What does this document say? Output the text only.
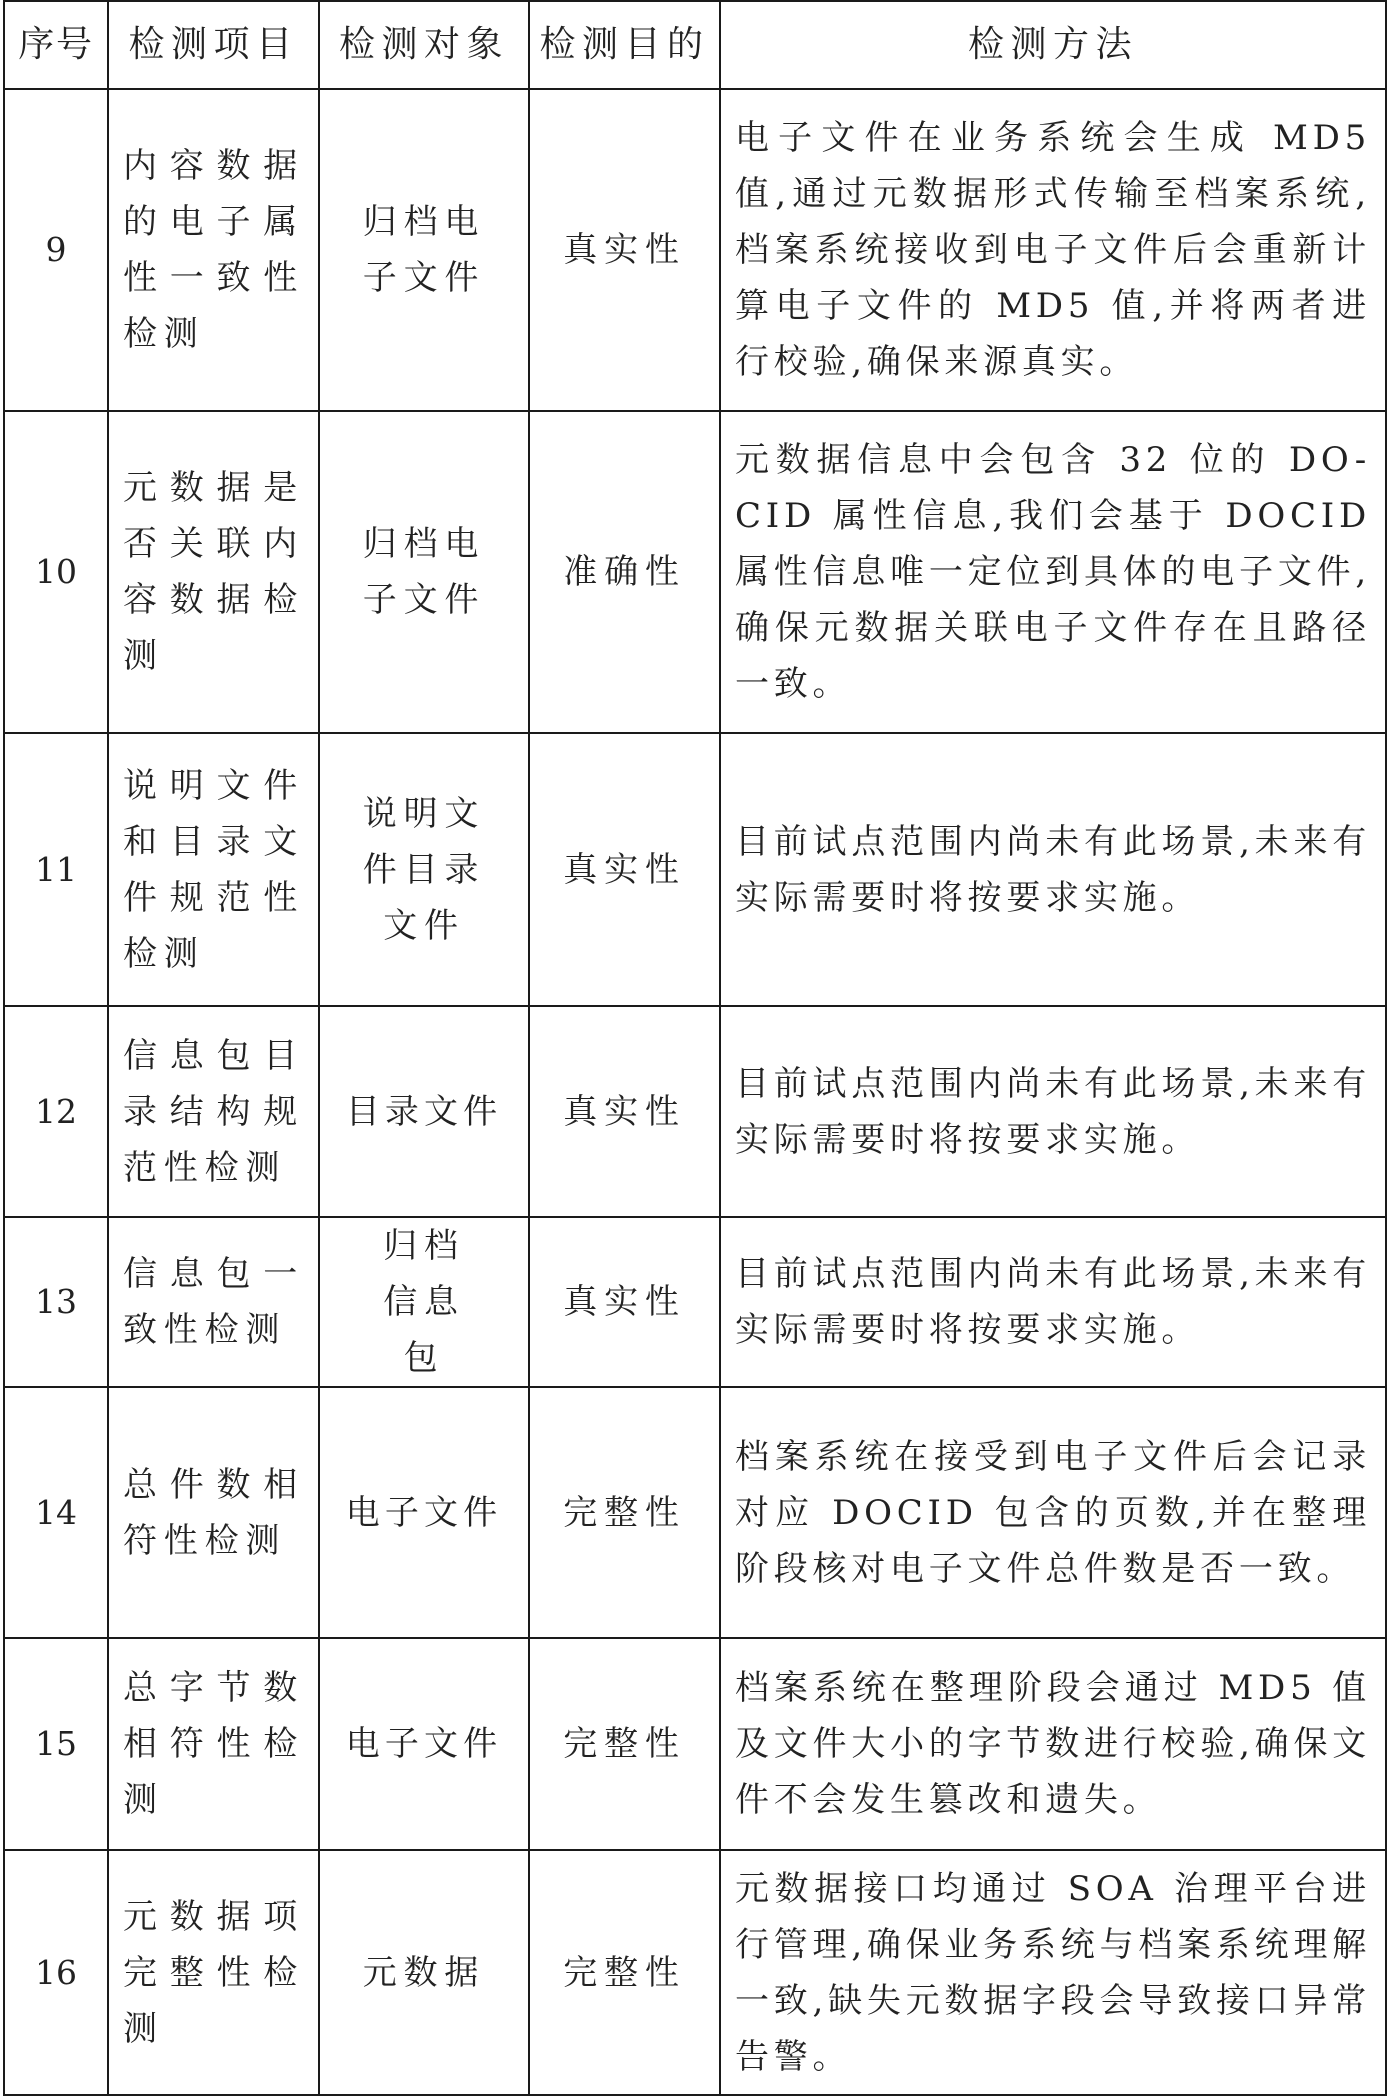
序号	检测项目	检测对象	检测目的	检测方法
9	内容数据的电子属性一致性检测	归档电子文件	真实性	电子文件在业务系统会生成 MD5 值,通过元数据形式传输至档案系统,档案系统接收到电子文件后会重新计算电子文件的 MD5 值,并将两者进行校验,确保来源真实。
10	元数据是否关联内容数据检测	归档电子文件	准确性	元数据信息中会包含 32 位的 DO-CID 属性信息,我们会基于 DOCID 属性信息唯一定位到具体的电子文件,确保元数据关联电子文件存在且路径一致。
11	说明文件和目录文件规范性检测	说明文件目录文件	真实性	目前试点范围内尚未有此场景,未来有实际需要时将按要求实施。
12	信息包目录结构规范性检测	目录文件	真实性	目前试点范围内尚未有此场景,未来有实际需要时将按要求实施。
13	信息包一致性检测	归档信息包	真实性	目前试点范围内尚未有此场景,未来有实际需要时将按要求实施。
14	总件数相符性检测	电子文件	完整性	档案系统在接受到电子文件后会记录对应 DOCID 包含的页数,并在整理阶段核对电子文件总件数是否一致。
15	总字节数相符性检测	电子文件	完整性	档案系统在整理阶段会通过 MD5 值及文件大小的字节数进行校验,确保文件不会发生篡改和遗失。
16	元数据项完整性检测	元数据	完整性	元数据接口均通过 SOA 治理平台进行管理,确保业务系统与档案系统理解一致,缺失元数据字段会导致接口异常告警。
